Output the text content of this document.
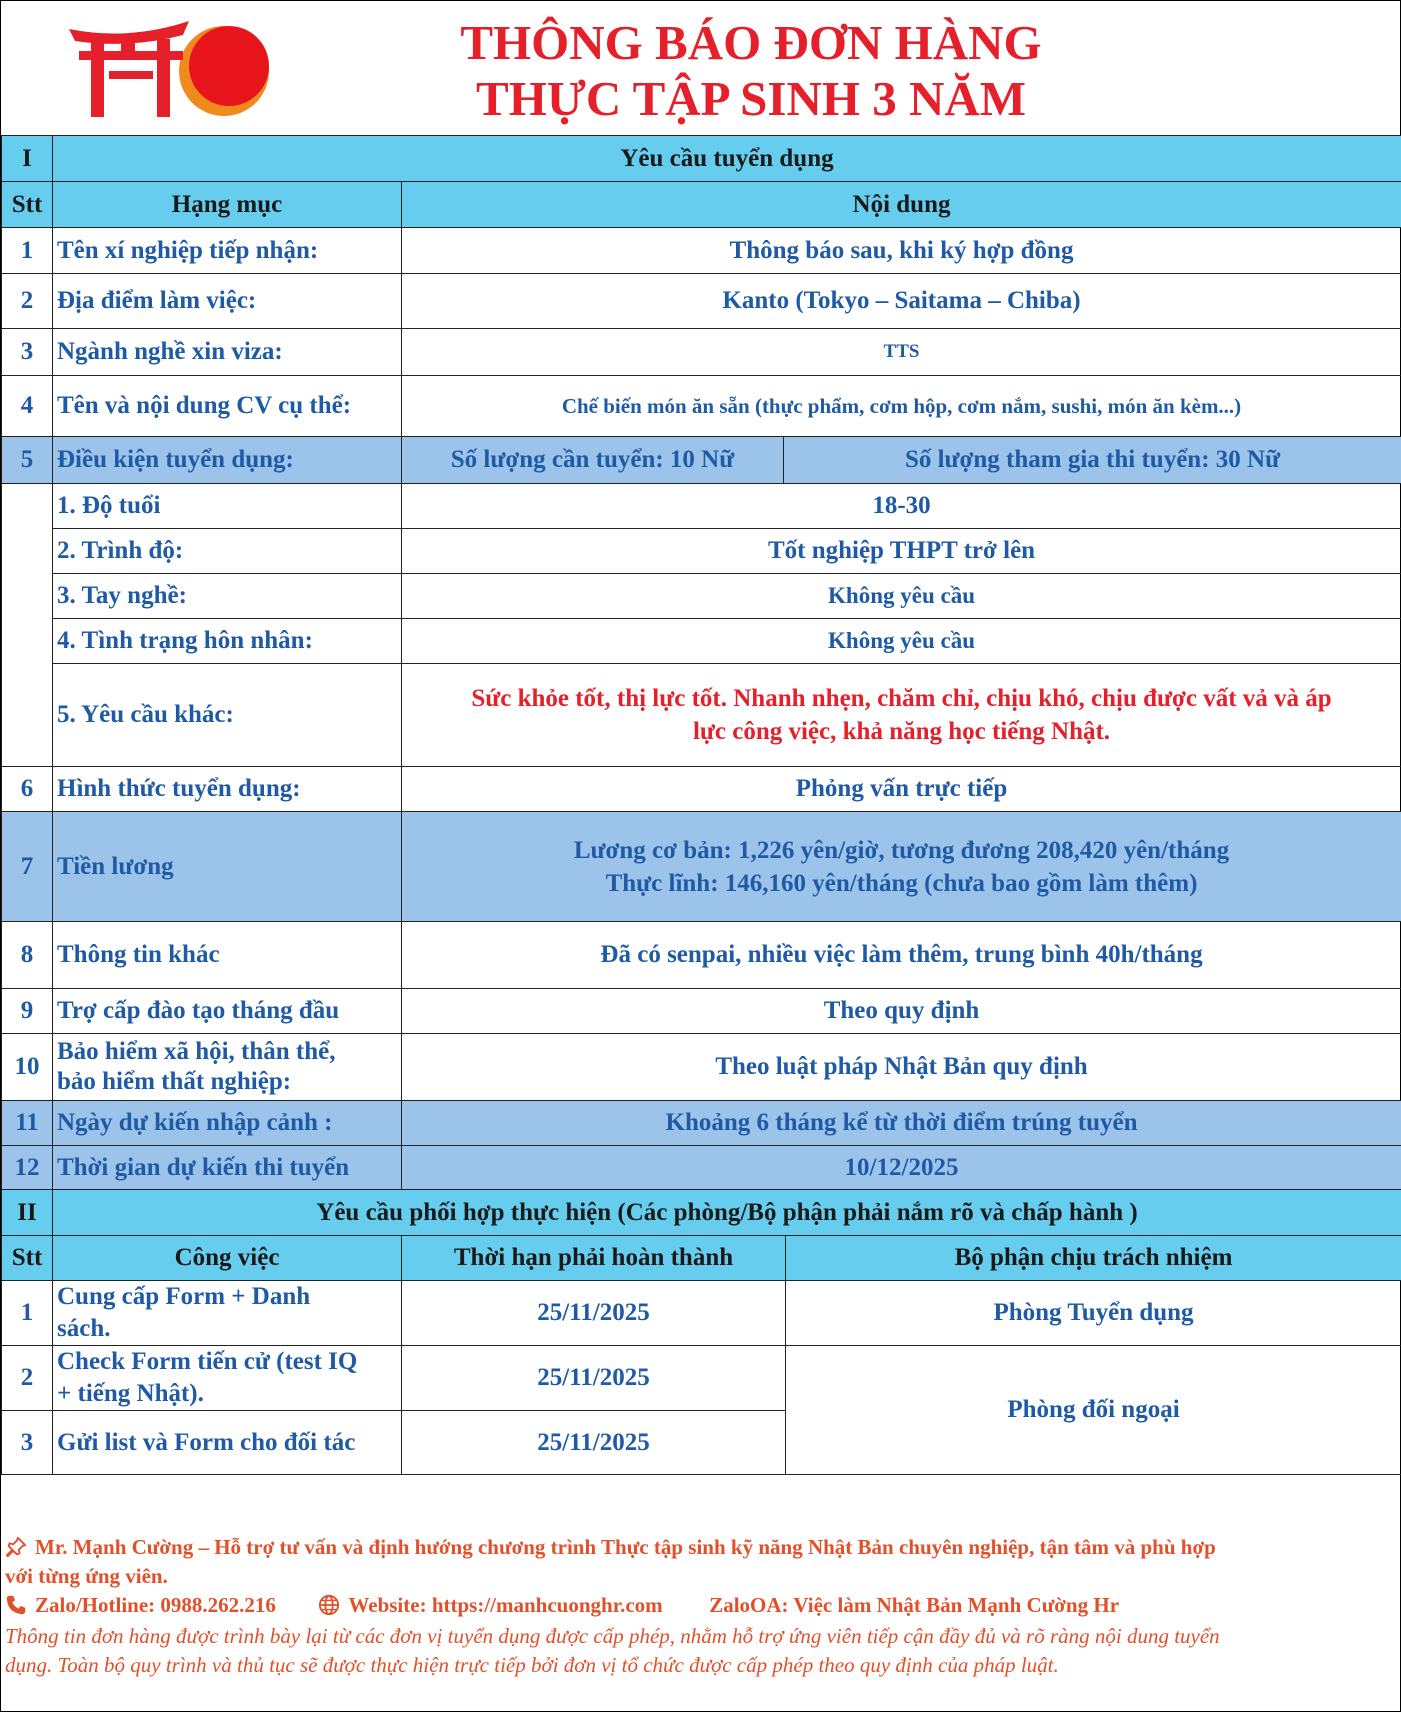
THÔNG BÁO ĐƠN HÀNG
THỰC TẬP SINH 3 NĂM
I	Yêu cầu tuyển dụng		
Stt	Hạng mục	Nội dung	
1	Tên xí nghiệp tiếp nhận:	Thông báo sau, khi ký hợp đồng	
2	Địa điểm làm việc:	Kanto (Tokyo – Saitama – Chiba)	
3	Ngành nghề xin viza:	TTS	
4	Tên và nội dung CV cụ thể:	Chế biến món ăn sẵn (thực phẩm, cơm hộp, cơm nắm, sushi, món ăn kèm...)	
5	Điều kiện tuyển dụng:	Số lượng cần tuyển: 10 Nữ	Số lượng tham gia thi tuyển: 30 Nữ
	1. Độ tuổi	18-30	
	2. Trình độ:	Tốt nghiệp THPT trở lên	
	3. Tay nghề:	Không yêu cầu	
	4. Tình trạng hôn nhân:	Không yêu cầu	
	5. Yêu cầu khác:	Sức khỏe tốt, thị lực tốt. Nhanh nhẹn, chăm chỉ, chịu khó, chịu được vất vả và áp
lực công việc, khả năng học tiếng Nhật.	

6	Hình thức tuyển dụng:	Phỏng vấn trực tiếp	
7	Tiền lương	Lương cơ bản: 1,226 yên/giờ, tương đương 208,420 yên/tháng
Thực lĩnh: 146,160 yên/tháng (chưa bao gồm làm thêm)	

8	Thông tin khác	Đã có senpai, nhiều việc làm thêm, trung bình 40h/tháng	
9	Trợ cấp đào tạo tháng đầu	Theo quy định	
10	Bảo hiểm xã hội, thân thể,
bảo hiểm thất nghiệp:	Theo luật pháp Nhật Bản quy định	
11	Ngày dự kiến nhập cảnh :	Khoảng 6 tháng kể từ thời điểm trúng tuyển	
12	Thời gian dự kiến thi tuyển	10/12/2025	
II	Yêu cầu phối hợp thực hiện (Các phòng/Bộ phận phải nắm rõ và chấp hành )		
Stt	Công việc	Thời hạn phải hoàn thành	Bộ phận chịu trách nhiệm
1	Cung cấp Form + Danh
sách.	25/11/2025	Phòng Tuyển dụng
2	Check Form tiến cử (test IQ
+ tiếng Nhật).	25/11/2025	Phòng đối ngoại
3	Gửi list và Form cho đối tác	25/11/2025	
Mr. Mạnh Cường – Hỗ trợ tư vấn và định hướng chương trình Thực tập sinh kỹ năng Nhật Bản chuyên nghiệp, tận tâm và phù hợp
với từng ứng viên.
Zalo/Hotline: 0988.262.216	Website: https://manhcuonghr.com ZaloOA: Việc làm Nhật Bản Mạnh Cường Hr
Thông tin đơn hàng được trình bày lại từ các đơn vị tuyển dụng được cấp phép, nhằm hỗ trợ ứng viên tiếp cận đầy đủ và rõ ràng nội dung tuyển
dụng. Toàn bộ quy trình và thủ tục sẽ được thực hiện trực tiếp bởi đơn vị tổ chức được cấp phép theo quy định của pháp luật.
